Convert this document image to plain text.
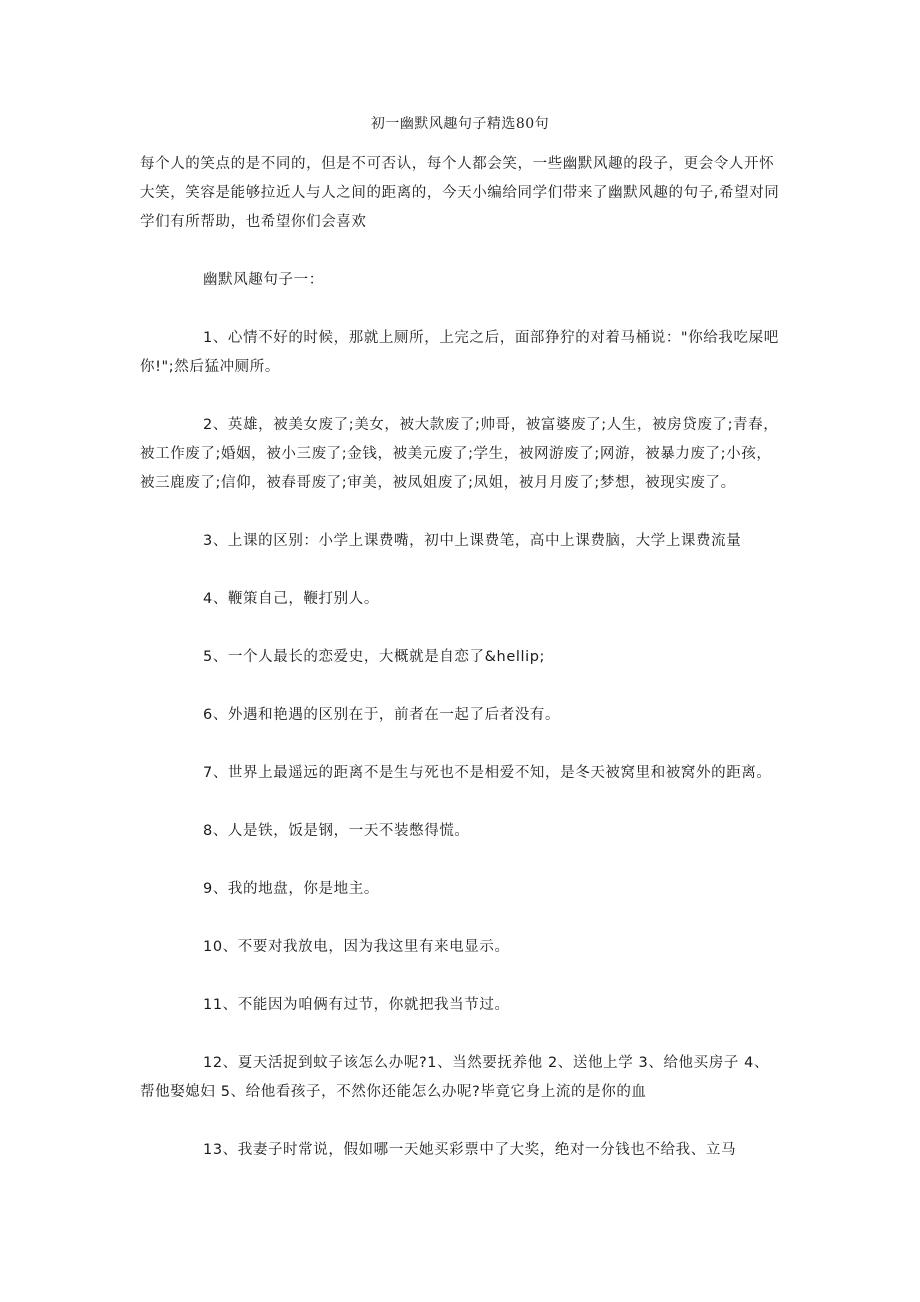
初一幽默风趣句子精选80句

每个人的笑点的是不同的，但是不可否认，每个人都会笑，一些幽默风趣的段子，更会令人开怀大笑，笑容是能够拉近人与人之间的距离的，今天小编给同学们带来了幽默风趣的句子,希望对同学们有所帮助，也希望你们会喜欢

幽默风趣句子一：

1、心情不好的时候，那就上厕所，上完之后，面部狰狞的对着马桶说："你给我吃屎吧你!";然后猛冲厕所。

2、英雄，被美女废了;美女，被大款废了;帅哥，被富婆废了;人生，被房贷废了;青春，被工作废了;婚姻，被小三废了;金钱，被美元废了;学生，被网游废了;网游，被暴力废了;小孩，被三鹿废了;信仰，被春哥废了;审美，被凤姐废了;凤姐，被月月废了;梦想，被现实废了。

3、上课的区别：小学上课费嘴，初中上课费笔，高中上课费脑，大学上课费流量

4、鞭策自己，鞭打别人。

5、一个人最长的恋爱史，大概就是自恋了&hellip;

6、外遇和艳遇的区别在于，前者在一起了后者没有。

7、世界上最遥远的距离不是生与死也不是相爱不知，是冬天被窝里和被窝外的距离。

8、人是铁，饭是钢，一天不装憋得慌。

9、我的地盘，你是地主。

10、不要对我放电，因为我这里有来电显示。

11、不能因为咱俩有过节，你就把我当节过。

12、夏天活捉到蚊子该怎么办呢?1、当然要抚养他 2、送他上学 3、给他买房子 4、帮他娶媳妇 5、给他看孩子，不然你还能怎么办呢?毕竟它身上流的是你的血

13、我妻子时常说，假如哪一天她买彩票中了大奖，绝对一分钱也不给我、立马
